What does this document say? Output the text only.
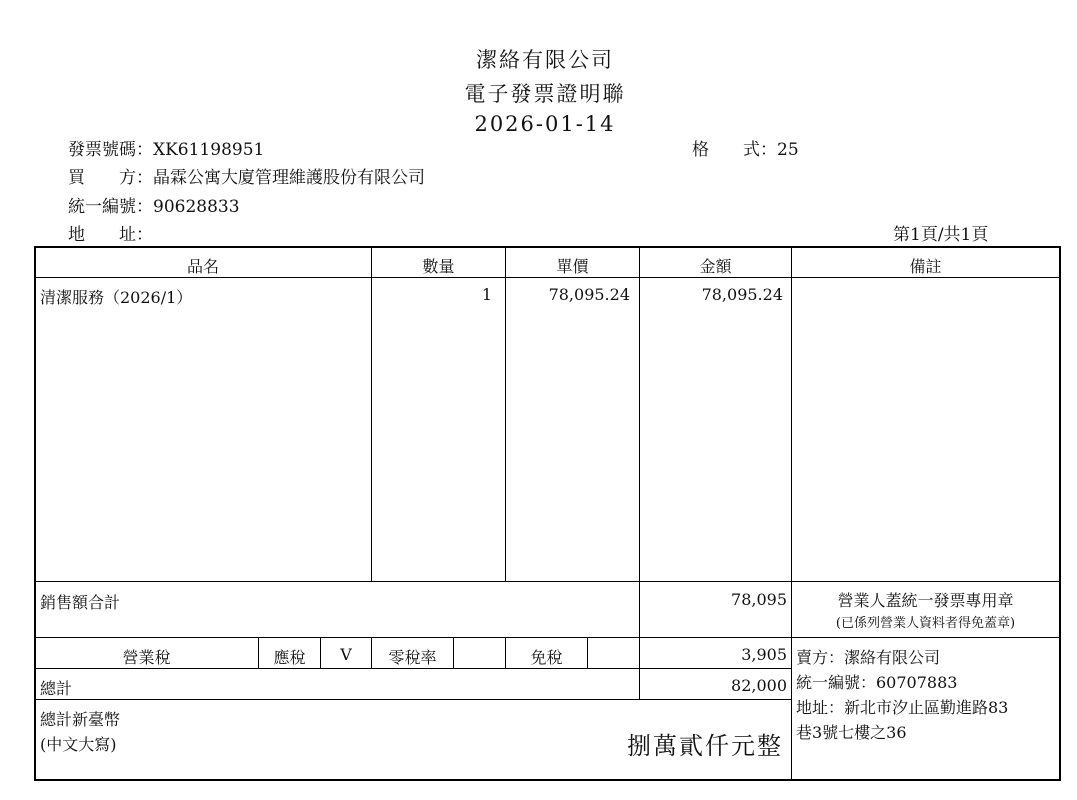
潔絡有限公司
電子發票證明聯
2026-01-14
發票號碼：XK61198951	格　　式：25
買　　方：晶霖公寓大廈管理維護股份有限公司
統一編號：90628833
地　　址：	第1頁/共1頁
品名	數量	單價	金額	備註
清潔服務（2026/1）	1	78,095.24	78,095.24
銷售額合計	78,095	營業人蓋統一發票專用章
(已係列營業人資料者得免蓋章)
營業稅	應稅	V	零稅率	免稅	3,905
總計	82,000
總計新臺幣
(中文大寫)	捌萬貳仟元整
賣方：潔絡有限公司
統一編號：60707883
地址：新北市汐止區勤進路83
巷3號七樓之36
